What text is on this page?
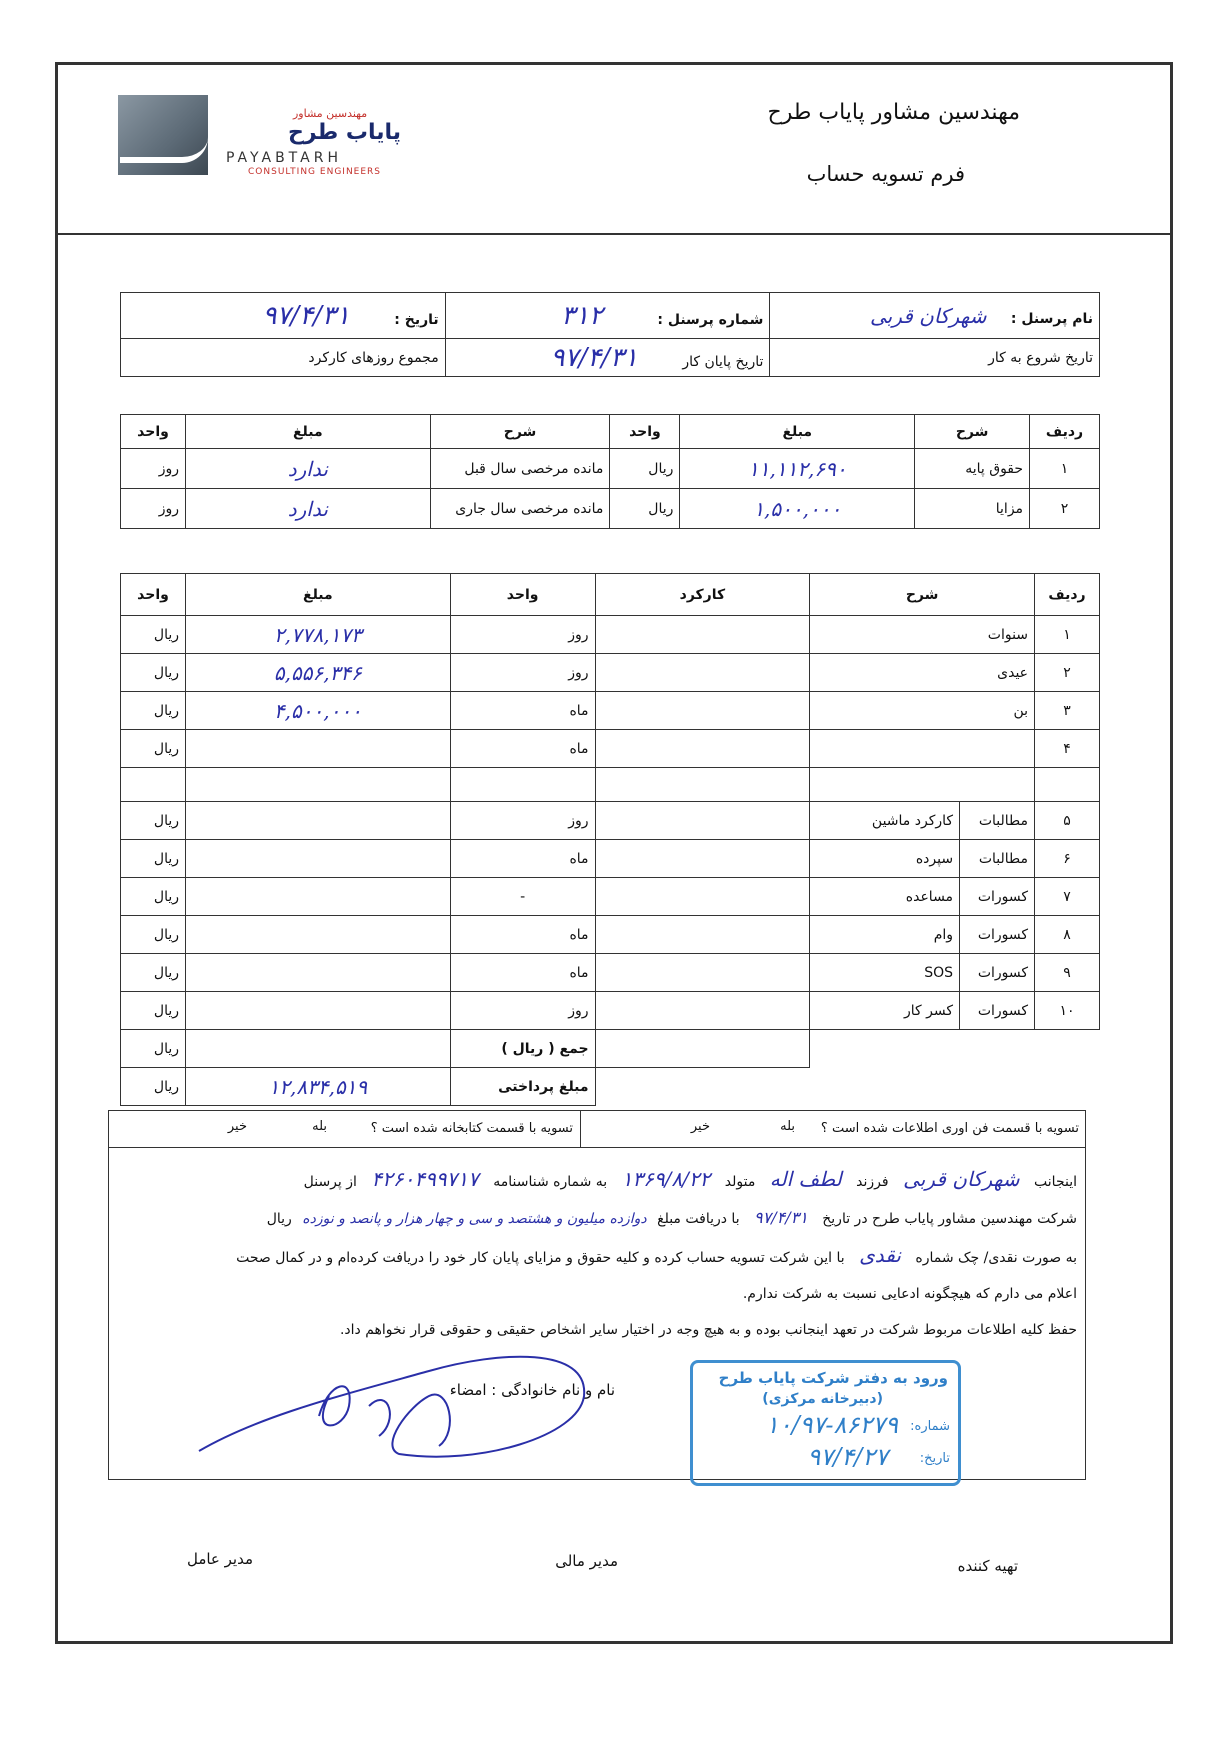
مهندسین مشاور
پایاب طرح
PAYABTARH
CONSULTING ENGINEERS
مهندسین مشاور پایاب طرح
فرم تسویه حساب
نام پرسنل : شهرکان قربی	شماره پرسنل : ۳۱۲	تاریخ : ۹۷/۴/۳۱
تاریخ شروع به کار	تاریخ پایان کار ۹۷/۴/۳۱	مجموع روزهای کارکرد
ردیف	شرح	مبلغ	واحد	شرح	مبلغ	واحد
۱	حقوق پایه	۱۱,۱۱۲,۶۹۰	ریال	مانده مرخصی سال قبل	ندارد	روز
۲	مزایا	۱,۵۰۰,۰۰۰	ریال	مانده مرخصی سال جاری	ندارد	روز
ردیف	شرح		کارکرد	واحد	مبلغ	واحد
۱	سنوات			روز	۲,۷۷۸,۱۷۳	ریال
۲	عیدی			روز	۵,۵۵۶,۳۴۶	ریال
۳	بن			ماه	۴,۵۰۰,۰۰۰	ریال
۴				ماه		ریال

۵	مطالبات	کارکرد ماشین		روز		ریال
۶	مطالبات	سپرده		ماه		ریال
۷	کسورات	مساعده		-		ریال
۸	کسورات	وام		ماه		ریال
۹	کسورات	SOS		ماه		ریال
۱۰	کسورات	کسر کار		روز		ریال
				جمع ( ریال )		ریال
				مبلغ پرداختی	۱۲,۸۳۴,۵۱۹	ریال
تسویه با قسمت فن اوری اطلاعات شده است ؟
بله
خیر
تسویه با قسمت کتابخانه شده است ؟
بله
خیر
اینجانب شهرکان قربی فرزند لطف اله متولد ۱۳۶۹/۸/۲۲ به شماره شناسنامه ۴۲۶۰۴۹۹۷۱۷ از پرسنل
شرکت مهندسین مشاور پایاب طرح در تاریخ ۹۷/۴/۳۱ با دریافت مبلغ دوازده میلیون و هشتصد و سی و چهار هزار و پانصد و نوزده ریال
به صورت نقدی/ چک شماره نقدی با این شرکت تسویه حساب کرده و کلیه حقوق و مزایای پایان کار خود را دریافت کرده‌ام و در کمال صحت
اعلام می دارم که هیچگونه ادعایی نسبت به شرکت ندارم.
حفظ کلیه اطلاعات مربوط شرکت در تعهد اینجانب بوده و به هیچ وجه در اختیار سایر اشخاص حقیقی و حقوقی قرار نخواهم داد.
نام و نام خانوادگی : امضاء
ورود به دفتر شرکت پایاب طرح
(دبیرخانه مرکزی)
شماره:
۱۰/۹۷-۸۶۲۷۹
تاریخ:
۹۷/۴/۲۷
تهیه کننده
مدیر مالی
مدیر عامل
